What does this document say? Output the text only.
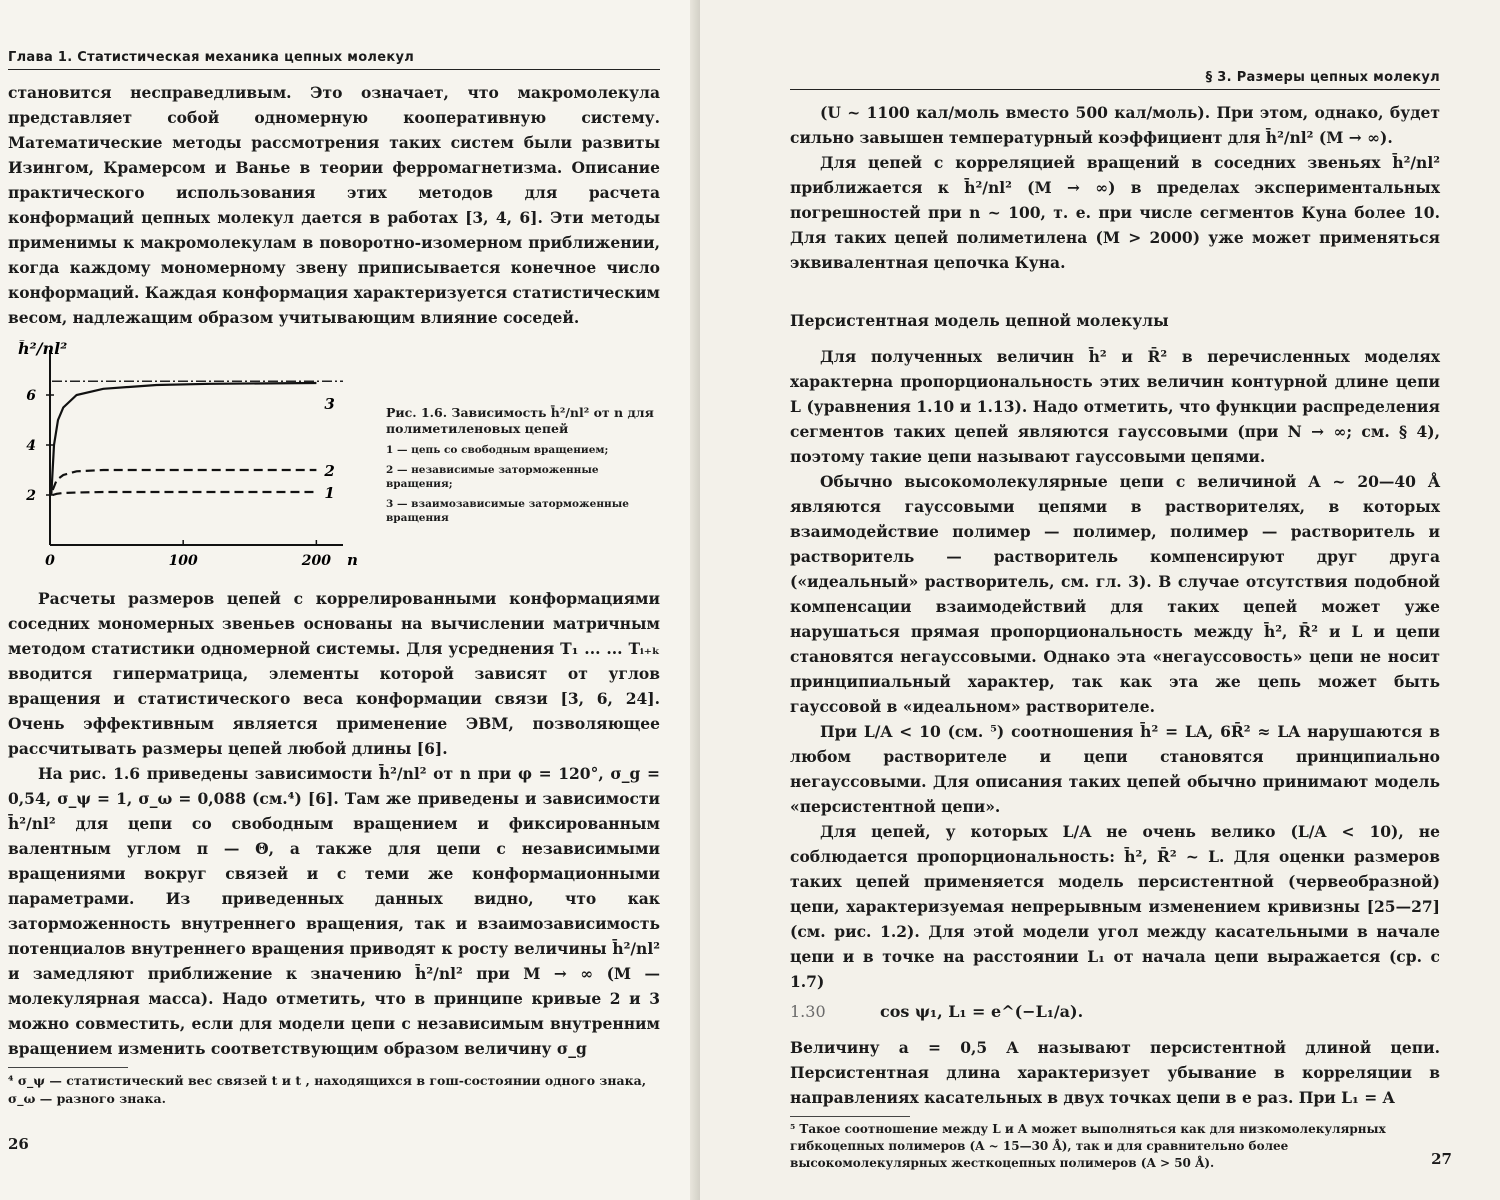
Глава 1. Статистическая механика цепных молекул

становится несправедливым. Это означает, что макромолекула представляет собой одномерную кооперативную систему. Математические методы рассмотрения таких систем были развиты Изингом, Крамерсом и Ванье в теории ферромагнетизма. Описание практического использования этих методов для расчета конформаций цепных молекул дается в работах [3, 4, 6]. Эти методы применимы к макромолекулам в поворотно-изомерном приближении, когда каждому мономерному звену приписывается конечное число конформаций. Каждая конформация характеризуется статистическим весом, надлежащим образом учитывающим влияние соседей.

h̄²/nl²
n
0	100	200
2
4
6
1
2
3	Рис. 1.6. Зависимость h̄²/nl² от n для полиметиленовых цепей
1 — цепь со свободным вращением;
2 — независимые заторможенные вращения;
3 — взаимозависимые заторможенные вращения

Расчеты размеров цепей с коррелированными конформациями соседних мономерных звеньев основаны на вычислении матричным методом статистики одномерной системы. Для усреднения T₁ ... ... Tᵢ₊ₖ вводится гиперматрица, элементы которой зависят от углов вращения и статистического веса конформации связи [3, 6, 24]. Очень эффективным является применение ЭВМ, позволяющее рассчитывать размеры цепей любой длины [6].

На рис. 1.6 приведены зависимости h̄²/nl² от n при φ = 120°, σ_g = 0,54, σ_ψ = 1, σ_ω = 0,088 (см.⁴) [6]. Там же приведены и зависимости h̄²/nl² для цепи со свободным вращением и фиксированным валентным углом π — Θ, а также для цепи с независимыми вращениями вокруг связей и с теми же конформационными параметрами. Из приведенных данных видно, что как заторможенность внутреннего вращения, так и взаимозависимость потенциалов внутреннего вращения приводят к росту величины h̄²/nl² и замедляют приближение к значению h̄²/nl² при M → ∞ (M — молекулярная масса). Надо отметить, что в принципе кривые 2 и 3 можно совместить, если для модели цепи с независимым внутренним вращением изменить соответствующим образом величину σ_g

⁴ σ_ψ — статистический вес связей t и t , находящихся в гош-состоянии одного знака, σ_ω — разного знака.

26
§ 3. Размеры цепных молекул

(U ~ 1100 кал/моль вместо 500 кал/моль). При этом, однако, будет сильно завышен температурный коэффициент для h̄²/nl² (M → ∞).

Для цепей с корреляцией вращений в соседних звеньях h̄²/nl² приближается к h̄²/nl² (M → ∞) в пределах экспериментальных погрешностей при n ~ 100, т. е. при числе сегментов Куна более 10. Для таких цепей полиметилена (M > 2000) уже может применяться эквивалентная цепочка Куна.

Персистентная модель цепной молекулы

Для полученных величин h̄² и R̄² в перечисленных моделях характерна пропорциональность этих величин контурной длине цепи L (уравнения 1.10 и 1.13). Надо отметить, что функции распределения сегментов таких цепей являются гауссовыми (при N → ∞; см. § 4), поэтому такие цепи называют гауссовыми цепями.

Обычно высокомолекулярные цепи с величиной A ~ 20—40 Å являются гауссовыми цепями в растворителях, в которых взаимодействие полимер — полимер, полимер — растворитель и растворитель — растворитель компенсируют друг друга («идеальный» растворитель, см. гл. 3). В случае отсутствия подобной компенсации взаимодействий для таких цепей может уже нарушаться прямая пропорциональность между h̄², R̄² и L и цепи становятся негауссовыми. Однако эта «негауссовость» цепи не носит принципиальный характер, так как эта же цепь может быть гауссовой в «идеальном» растворителе.

При L/A < 10 (см. ⁵) соотношения h̄² = LA, 6R̄² ≈ LA нарушаются в любом растворителе и цепи становятся принципиально негауссовыми. Для описания таких цепей обычно принимают модель «персистентной цепи».

Для цепей, у которых L/A не очень велико (L/A < 10), не соблюдается пропорциональность: h̄², R̄² ~ L. Для оценки размеров таких цепей применяется модель персистентной (червеобразной) цепи, характеризуемая непрерывным изменением кривизны [25—27] (см. рис. 1.2). Для этой модели угол между касательными в начале цепи и в точке на расстоянии L₁ от начала цепи выражается (ср. с 1.7)

1.30	cos ψ₁, L₁ = e^(−L₁/a).

Величину a = 0,5 A называют персистентной длиной цепи. Персистентная длина характеризует убывание в корреляции в направлениях касательных в двух точках цепи в e раз. При L₁ = A

⁵ Такое соотношение между L и A может выполняться как для низкомолекулярных гибкоцепных полимеров (A ~ 15—30 Å), так и для сравнительно более высокомолекулярных жесткоцепных полимеров (A > 50 Å).	27
